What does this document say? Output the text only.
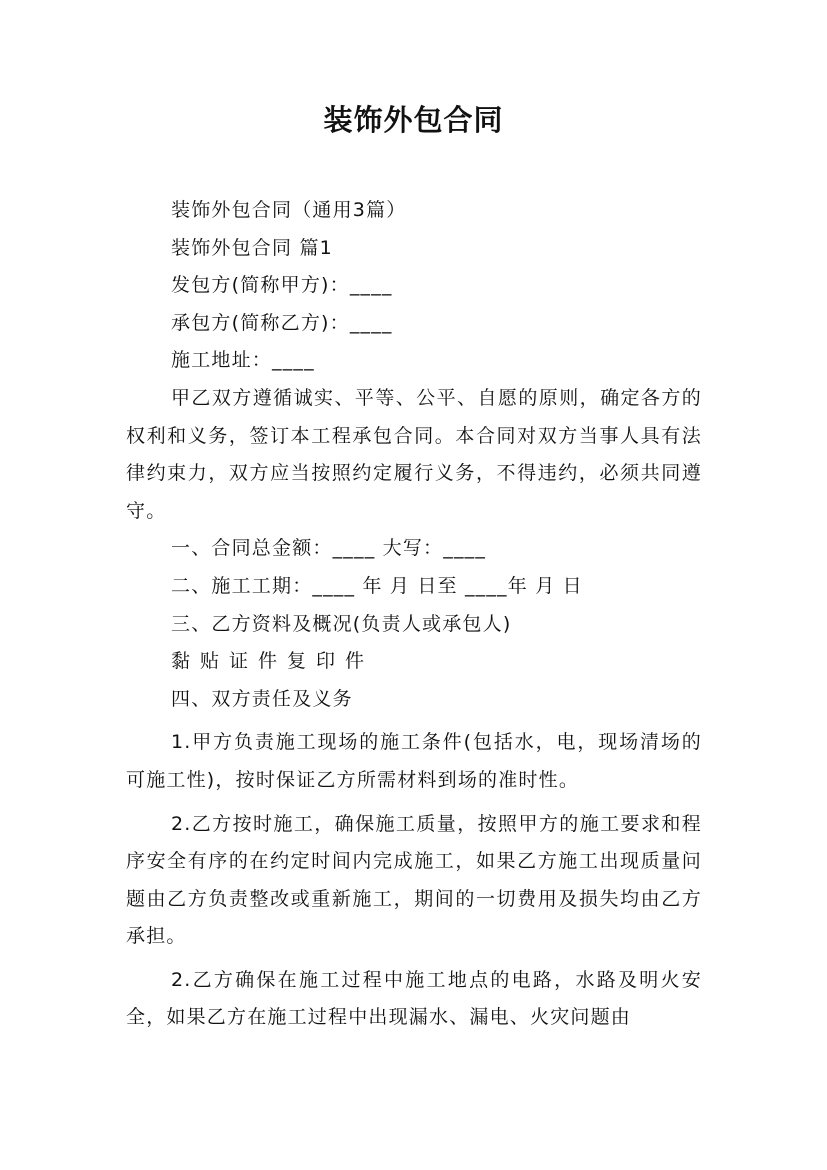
装饰外包合同
装饰外包合同（通用3篇）
装饰外包合同 篇1
发包方(简称甲方)：____
承包方(简称乙方)：____
施工地址：____
甲乙双方遵循诚实、平等、公平、自愿的原则，确定各方的权利和义务，签订本工程承包合同。本合同对双方当事人具有法律约束力，双方应当按照约定履行义务，不得违约，必须共同遵 守。
一、合同总金额：____ 大写：____
二、施工工期：____ 年 月 日至 ____年 月 日
三、乙方资料及概况(负责人或承包人)
黏贴证件复印件
四、双方责任及义务
1.甲方负责施工现场的施工条件(包括水，电，现场清场的可施工性)，按时保证乙方所需材料到场的准时性。
2.乙方按时施工，确保施工质量，按照甲方的施工要求和程序安全有序的在约定时间内完成施工，如果乙方施工出现质量问题由乙方负责整改或重新施工，期间的一切费用及损失均由乙方承担。
2.乙方确保在施工过程中施工地点的电路，水路及明火安全，如果乙方在施工过程中出现漏水、漏电、火灾问题由
